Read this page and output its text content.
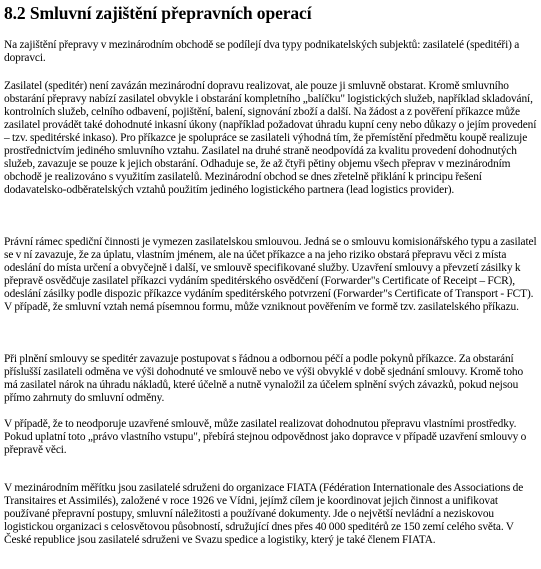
8.2 Smluvní zajištění přepravních operací

Na zajištění přepravy v mezinárodním obchodě se podílejí dva typy podnikatelských subjektů: zasilatelé (speditéři) a dopravci.

Zasilatel (speditér) není zavázán mezinárodní dopravu realizovat, ale pouze ji smluvně obstarat. Kromě smluvního obstarání přepravy nabízí zasilatel obvykle i obstarání kompletního „balíčku" logistických služeb, například skladování, kontrolních služeb, celního odbavení, pojištění, balení, signování zboží a další. Na žádost a z pověření příkazce může zasilatel provádět také dohodnuté inkasní úkony (například požadovat úhradu kupní ceny nebo důkazy o jejím provedení – tzv. speditérské inkaso). Pro příkazce je spolupráce se zasilateli výhodná tím, že přemístění předmětu koupě realizuje prostřednictvím jediného smluvního vztahu. Zasilatel na druhé straně neodpovídá za kvalitu provedení dohodnutých služeb, zavazuje se pouze k jejich obstarání. Odhaduje se, že až čtyři pětiny objemu všech přeprav v mezinárodním obchodě je realizováno s využitím zasilatelů. Mezinárodní obchod se dnes zřetelně přiklání k principu řešení dodavatelsko-odběratelských vztahů použitím jediného logistického partnera (lead logistics provider).

Právní rámec spediční činnosti je vymezen zasilatelskou smlouvou. Jedná se o smlouvu komisionářského typu a zasilatel se v ní zavazuje, že za úplatu, vlastním jménem, ale na účet příkazce a na jeho riziko obstará přepravu věci z místa odeslání do místa určení a obvyčejně i další, ve smlouvě specifikované služby. Uzavření smlouvy a převzetí zásilky k přepravě osvědčuje zasilatel příkazci vydáním speditérského osvědčení (Forwarder"s Certificate of Receipt – FCR), odeslání zásilky podle dispozic příkazce vydáním speditérského potvrzení (Forwarder"s Certificate of Transport - FCT). V případě, že smluvní vztah nemá písemnou formu, může vzniknout pověřením ve formě tzv. zasilatelského příkazu.

Při plnění smlouvy se speditér zavazuje postupovat s řádnou a odbornou péčí a podle pokynů příkazce. Za obstarání příslušší zasilateli odměna ve výši dohodnuté ve smlouvě nebo ve výši obvyklé v době sjednání smlouvy. Kromě toho má zasilatel nárok na úhradu nákladů, které účelně a nutně vynaložil za účelem splnění svých závazků, pokud nejsou přímo zahrnuty do smluvní odměny.

V případě, že to neodporuje uzavřené smlouvě, může zasilatel realizovat dohodnutou přepravu vlastními prostředky. Pokud uplatní toto „právo vlastního vstupu", přebírá stejnou odpovědnost jako dopravce v případě uzavření smlouvy o přepravě věci.

V mezinárodním měřítku jsou zasilatelé sdruženi do organizace FIATA (Fédération Internationale des Associations de Transitaires et Assimilés), založené v roce 1926 ve Vídni, jejímž cílem je koordinovat jejich činnost a unifikovat používané přepravní postupy, smluvní náležitosti a používané dokumenty. Jde o největší nevládní a neziskovou logistickou organizaci s celosvětovou působností, sdružující dnes přes 40 000 speditérů ze 150 zemí celého světa. V České republice jsou zasilatelé sdruženi ve Svazu spedice a logistiky, který je také členem FIATA.
